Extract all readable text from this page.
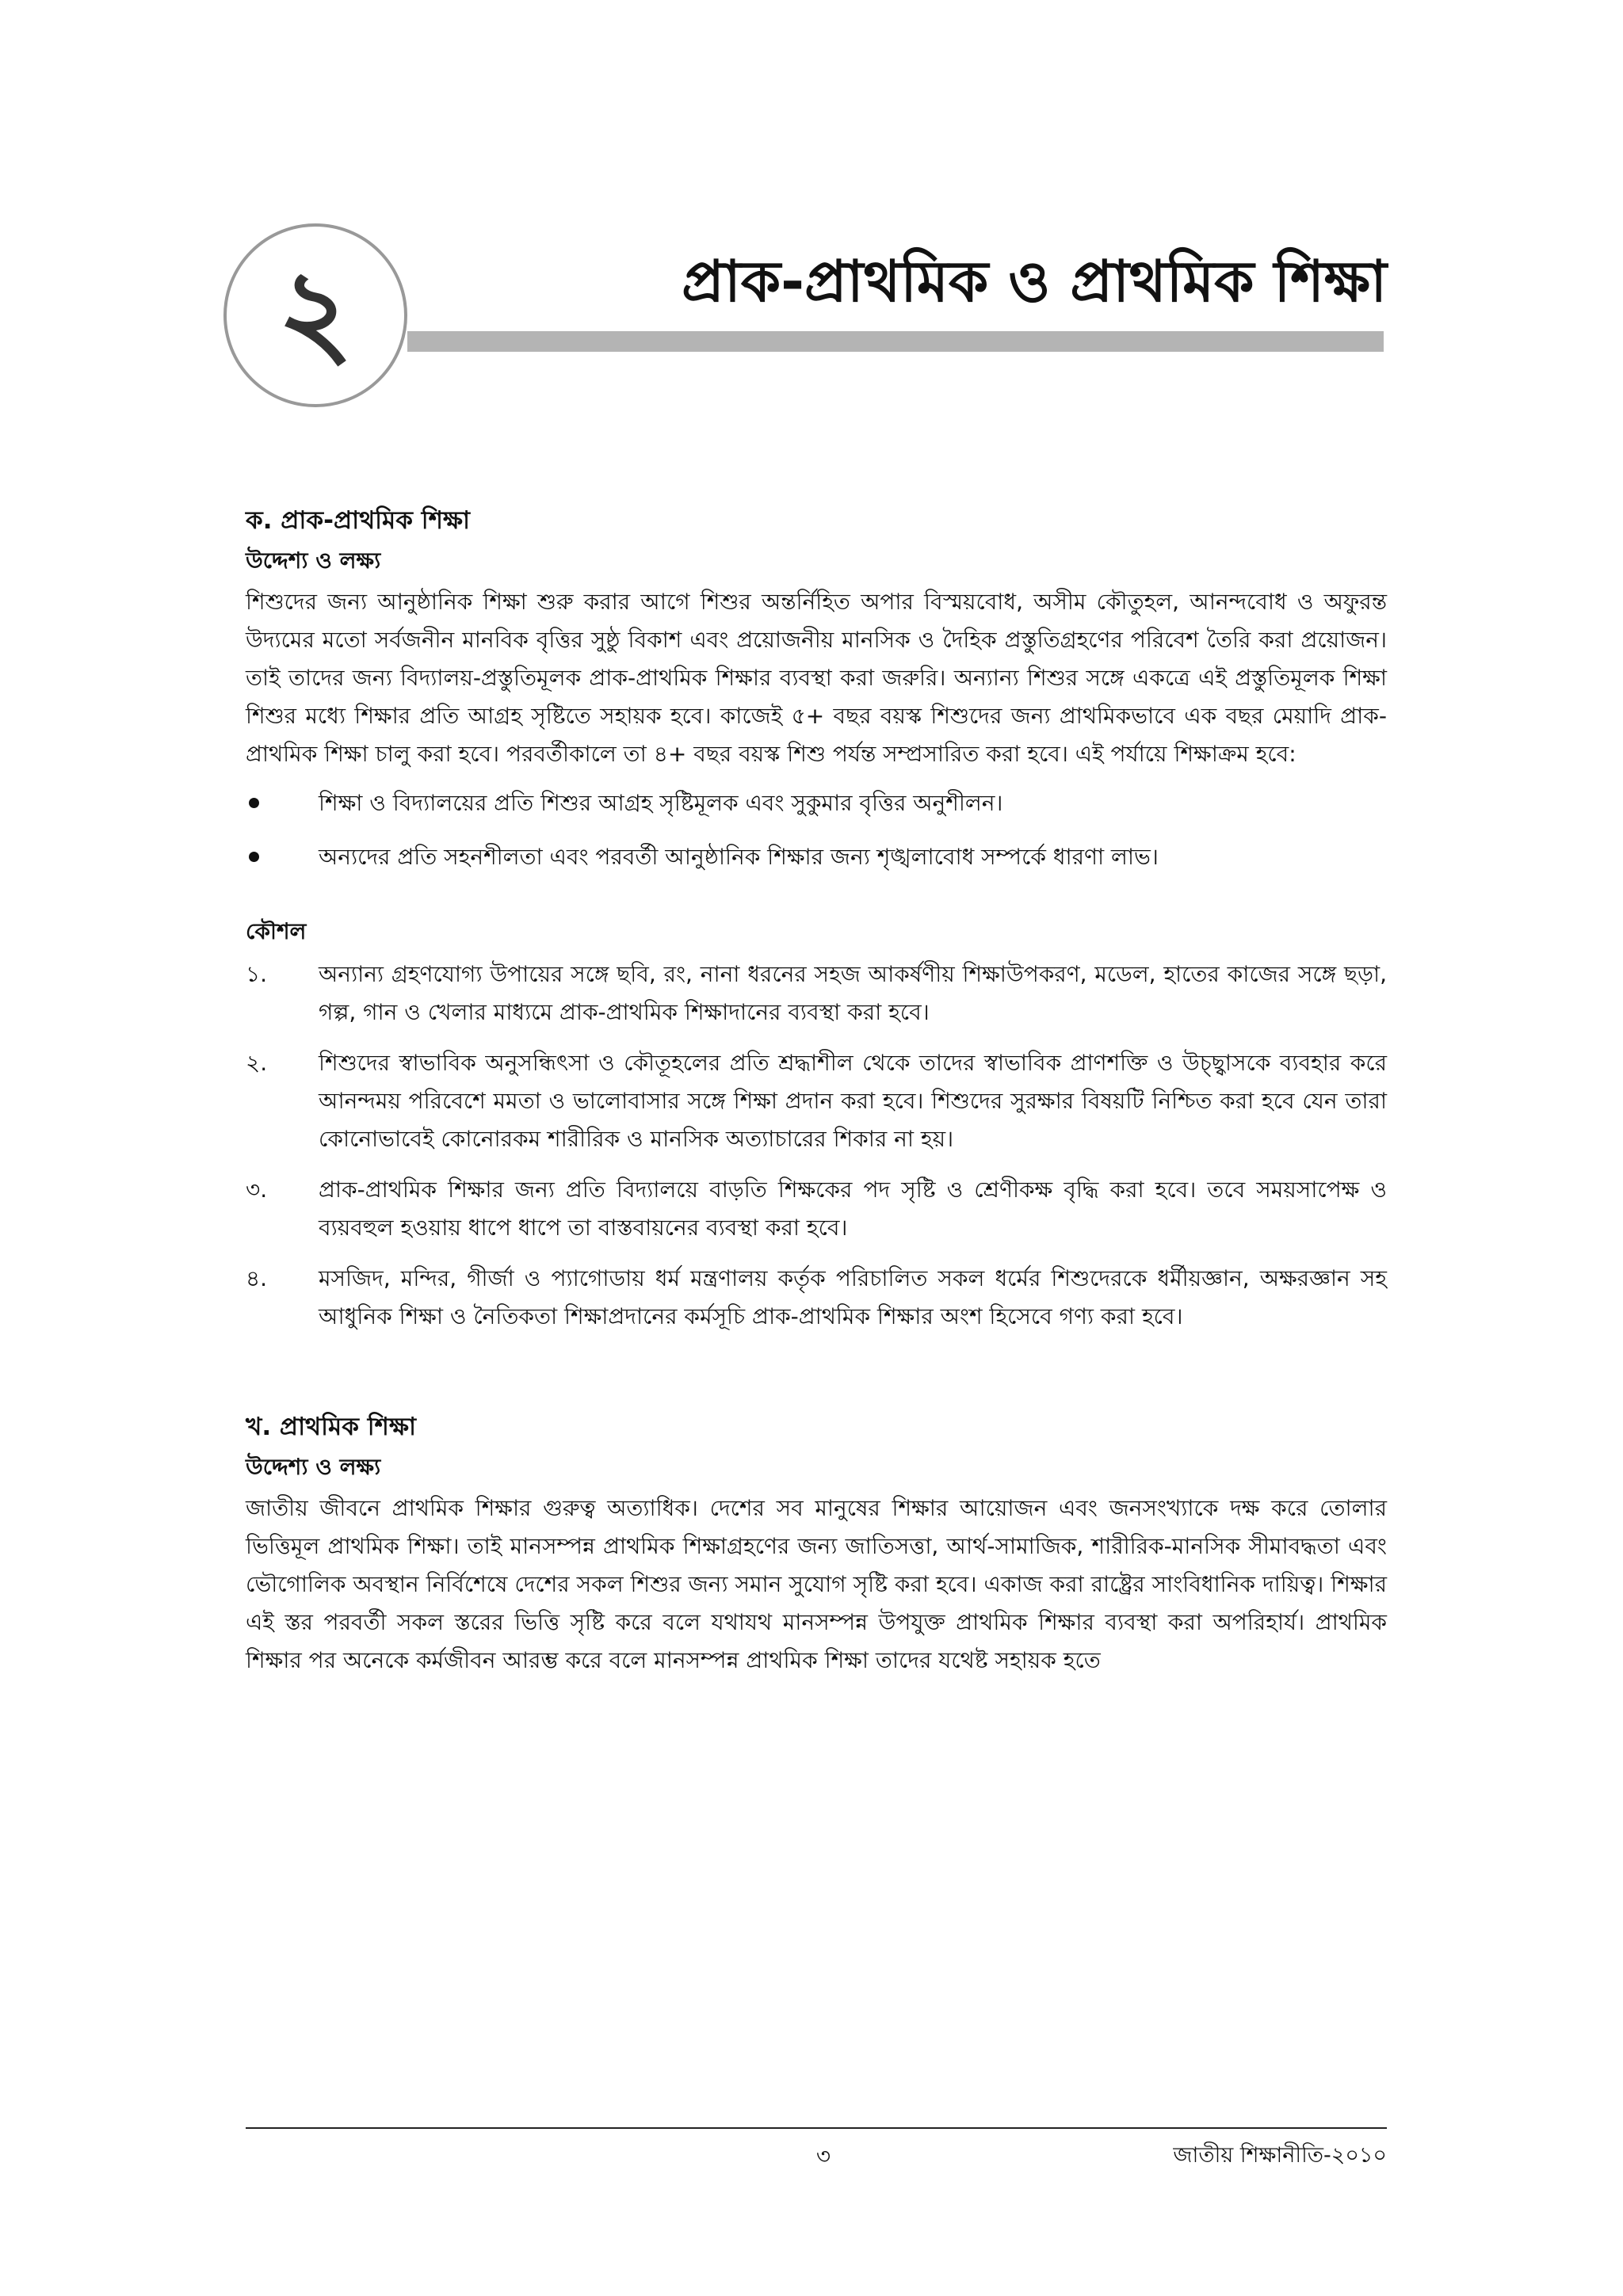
২	প্রাক-প্রাথমিক ও প্রাথমিক শিক্ষা

ক. প্রাক-প্রাথমিক শিক্ষা

উদ্দেশ্য ও লক্ষ্য

শিশুদের জন্য আনুষ্ঠানিক শিক্ষা শুরু করার আগে শিশুর অন্তর্নিহিত অপার বিস্ময়বোধ, অসীম কৌতুহল, আনন্দবোধ ও অফুরন্ত উদ্যমের মতো সর্বজনীন মানবিক বৃত্তির সুষ্ঠু বিকাশ এবং প্রয়োজনীয় মানসিক ও দৈহিক প্রস্তুতিগ্রহণের পরিবেশ তৈরি করা প্রয়োজন। তাই তাদের জন্য বিদ্যালয়-প্রস্তুতিমূলক প্রাক-প্রাথমিক শিক্ষার ব্যবস্থা করা জরুরি। অন্যান্য শিশুর সঙ্গে একত্রে এই প্রস্তুতিমূলক শিক্ষা শিশুর মধ্যে শিক্ষার প্রতি আগ্রহ সৃষ্টিতে সহায়ক হবে। কাজেই ৫+ বছর বয়স্ক শিশুদের জন্য প্রাথমিকভাবে এক বছর মেয়াদি প্রাক-প্রাথমিক শিক্ষা চালু করা হবে। পরবর্তীকালে তা ৪+ বছর বয়স্ক শিশু পর্যন্ত সম্প্রসারিত করা হবে। এই পর্যায়ে শিক্ষাক্রম হবে:

শিক্ষা ও বিদ্যালয়ের প্রতি শিশুর আগ্রহ সৃষ্টিমূলক এবং সুকুমার বৃত্তির অনুশীলন।
অন্যদের প্রতি সহনশীলতা এবং পরবর্তী আনুষ্ঠানিক শিক্ষার জন্য শৃঙ্খলাবোধ সম্পর্কে ধারণা লাভ।

কৌশল

১. অন্যান্য গ্রহণযোগ্য উপায়ের সঙ্গে ছবি, রং, নানা ধরনের সহজ আকর্ষণীয় শিক্ষাউপকরণ, মডেল, হাতের কাজের সঙ্গে ছড়া, গল্প, গান ও খেলার মাধ্যমে প্রাক-প্রাথমিক শিক্ষাদানের ব্যবস্থা করা হবে।
২. শিশুদের স্বাভাবিক অনুসন্ধিৎসা ও কৌতূহলের প্রতি শ্রদ্ধাশীল থেকে তাদের স্বাভাবিক প্রাণশক্তি ও উচ্ছ্বাসকে ব্যবহার করে আনন্দময় পরিবেশে মমতা ও ভালোবাসার সঙ্গে শিক্ষা প্রদান করা হবে। শিশুদের সুরক্ষার বিষয়টি নিশ্চিত করা হবে যেন তারা কোনোভাবেই কোনোরকম শারীরিক ও মানসিক অত্যাচারের শিকার না হয়।
৩. প্রাক-প্রাথমিক শিক্ষার জন্য প্রতি বিদ্যালয়ে বাড়তি শিক্ষকের পদ সৃষ্টি ও শ্রেণীকক্ষ বৃদ্ধি করা হবে। তবে সময়সাপেক্ষ ও ব্যয়বহুল হওয়ায় ধাপে ধাপে তা বাস্তবায়নের ব্যবস্থা করা হবে।
৪. মসজিদ, মন্দির, গীর্জা ও প্যাগোডায় ধর্ম মন্ত্রণালয় কর্তৃক পরিচালিত সকল ধর্মের শিশুদেরকে ধর্মীয়জ্ঞান, অক্ষরজ্ঞান সহ আধুনিক শিক্ষা ও নৈতিকতা শিক্ষাপ্রদানের কর্মসূচি প্রাক-প্রাথমিক শিক্ষার অংশ হিসেবে গণ্য করা হবে।

খ. প্রাথমিক শিক্ষা

উদ্দেশ্য ও লক্ষ্য

জাতীয় জীবনে প্রাথমিক শিক্ষার গুরুত্ব অত্যাধিক। দেশের সব মানুষের শিক্ষার আয়োজন এবং জনসংখ্যাকে দক্ষ করে তোলার ভিত্তিমূল প্রাথমিক শিক্ষা। তাই মানসম্পন্ন প্রাথমিক শিক্ষাগ্রহণের জন্য জাতিসত্তা, আর্থ-সামাজিক, শারীরিক-মানসিক সীমাবদ্ধতা এবং ভৌগোলিক অবস্থান নির্বিশেষে দেশের সকল শিশুর জন্য সমান সুযোগ সৃষ্টি করা হবে। একাজ করা রাষ্ট্রের সাংবিধানিক দায়িত্ব। শিক্ষার এই স্তর পরবর্তী সকল স্তরের ভিত্তি সৃষ্টি করে বলে যথাযথ মানসম্পন্ন উপযুক্ত প্রাথমিক শিক্ষার ব্যবস্থা করা অপরিহার্য। প্রাথমিক শিক্ষার পর অনেকে কর্মজীবন আরম্ভ করে বলে মানসম্পন্ন প্রাথমিক শিক্ষা তাদের যথেষ্ট সহায়ক হতে

৩	জাতীয় শিক্ষানীতি-২০১০
